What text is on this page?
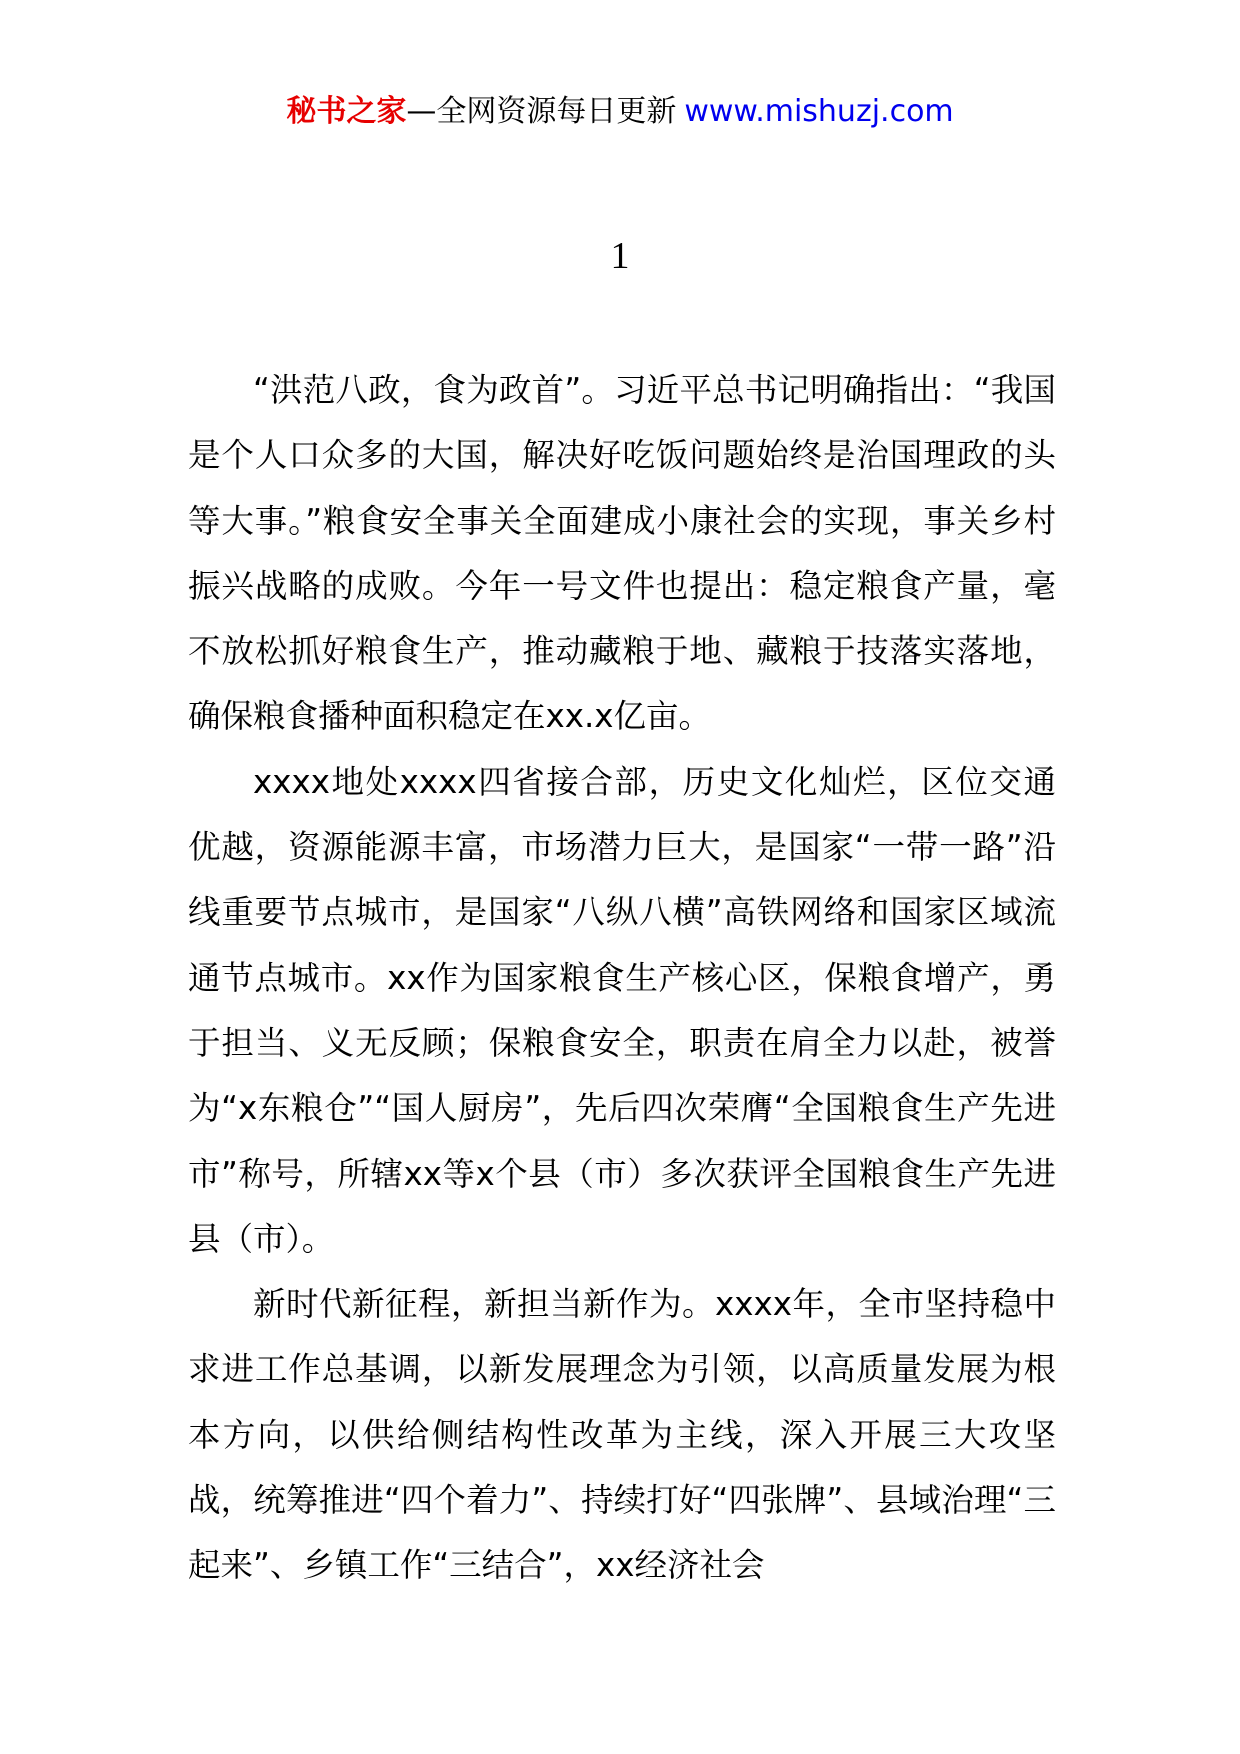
秘书之家—全网资源每日更新 www.mishuzj.com
1

“洪范八政，食为政首”。习近平总书记明确指出：“我国是个人口众多的大国，解决好吃饭问题始终是治国理政的头等大事。”粮食安全事关全面建成小康社会的实现，事关乡村振兴战略的成败。今年一号文件也提出：稳定粮食产量，毫不放松抓好粮食生产，推动藏粮于地、藏粮于技落实落地，确保粮食播种面积稳定在xx.x亿亩。

xxxx地处xxxx四省接合部，历史文化灿烂，区位交通优越，资源能源丰富，市场潜力巨大，是国家“一带一路”沿线重要节点城市，是国家“八纵八横”高铁网络和国家区域流通节点城市。xx作为国家粮食生产核心区，保粮食增产，勇于担当、义无反顾；保粮食安全，职责在肩全力以赴，被誉为“x东粮仓”“国人厨房”，先后四次荣膺“全国粮食生产先进市”称号，所辖xx等x个县（市）多次获评全国粮食生产先进县（市）。

新时代新征程，新担当新作为。xxxx年，全市坚持稳中求进工作总基调，以新发展理念为引领，以高质量发展为根本方向，以供给侧结构性改革为主线，深入开展三大攻坚战，统筹推进“四个着力”、持续打好“四张牌”、县域治理“三起来”、乡镇工作“三结合”，xx经济社会
